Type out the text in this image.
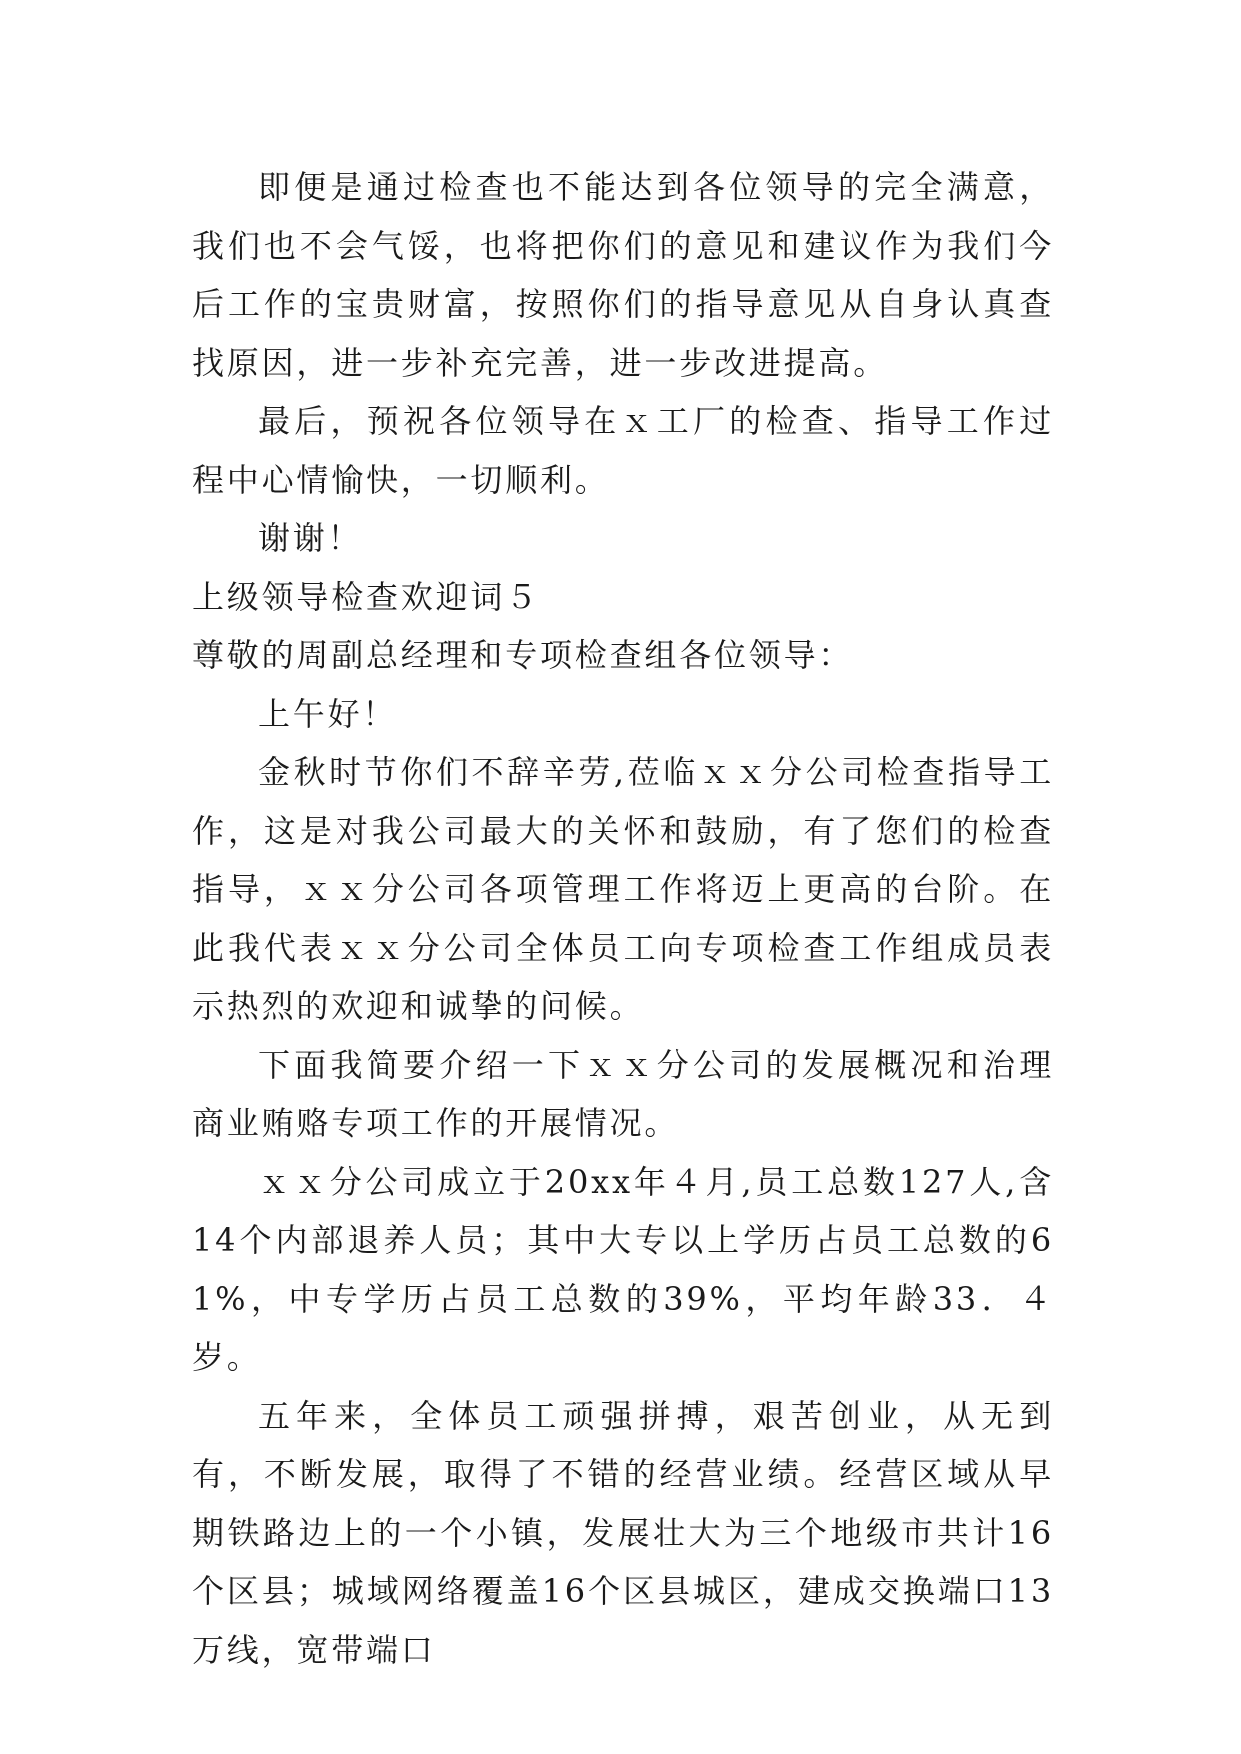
即便是通过检查也不能达到各位领导的完全满意，我们也不会气馁，也将把你们的意见和建议作为我们今后工作的宝贵财富，按照你们的指导意见从自身认真查找原因，进一步补充完善，进一步改进提高。

最后，预祝各位领导在ｘ工厂的检查、指导工作过程中心情愉快，一切顺利。

谢谢！

上级领导检查欢迎词５

尊敬的周副总经理和专项检查组各位领导：

上午好！

金秋时节你们不辞辛劳,莅临ｘｘ分公司检查指导工作，这是对我公司最大的关怀和鼓励，有了您们的检查指导，ｘｘ分公司各项管理工作将迈上更高的台阶。在此我代表ｘｘ分公司全体员工向专项检查工作组成员表示热烈的欢迎和诚挚的问候。

下面我简要介绍一下ｘｘ分公司的发展概况和治理商业贿赂专项工作的开展情况。

ｘｘ分公司成立于20xx年４月,员工总数127人,含14个内部退养人员；其中大专以上学历占员工总数的61%，中专学历占员工总数的39%，平均年龄33．４岁。

五年来，全体员工顽强拼搏，艰苦创业，从无到有，不断发展，取得了不错的经营业绩。经营区域从早期铁路边上的一个小镇，发展壮大为三个地级市共计16个区县；城域网络覆盖16个区县城区，建成交换端口13万线，宽带端口
